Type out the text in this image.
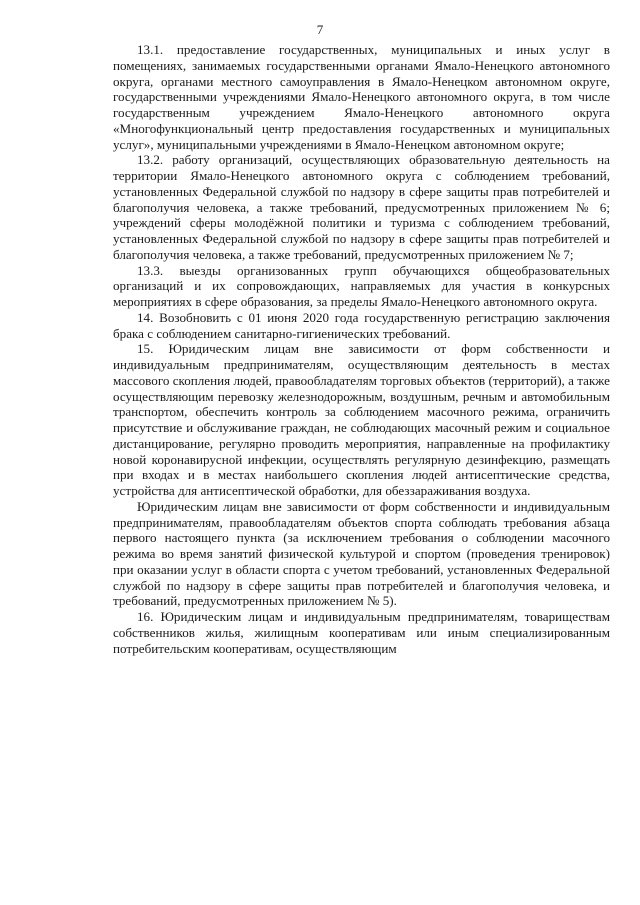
7

13.1. предоставление государственных, муниципальных и иных услуг в помещениях, занимаемых государственными органами Ямало-Ненецкого автономного округа, органами местного самоуправления в Ямало-Ненецком автономном округе, государственными учреждениями Ямало-Ненецкого автономного округа, в том числе государственным учреждением Ямало-Ненецкого автономного округа «Многофункциональный центр предоставления государственных и муниципальных услуг», муниципальными учреждениями в Ямало-Ненецком автономном округе;

13.2. работу организаций, осуществляющих образовательную деятельность на территории Ямало-Ненецкого автономного округа с соблюдением требований, установленных Федеральной службой по надзору в сфере защиты прав потребителей и благополучия человека, а также требований, предусмотренных приложением № 6; учреждений сферы молодёжной политики и туризма с соблюдением требований, установленных Федеральной службой по надзору в сфере защиты прав потребителей и благополучия человека, а также требований, предусмотренных приложением № 7;

13.3. выезды организованных групп обучающихся общеобразовательных организаций и их сопровождающих, направляемых для участия в конкурсных мероприятиях в сфере образования, за пределы Ямало-Ненецкого автономного округа.

14. Возобновить с 01 июня 2020 года государственную регистрацию заключения брака с соблюдением санитарно-гигиенических требований.

15. Юридическим лицам вне зависимости от форм собственности и индивидуальным предпринимателям, осуществляющим деятельность в местах массового скопления людей, правообладателям торговых объектов (территорий), а также осуществляющим перевозку железнодорожным, воздушным, речным и автомобильным транспортом, обеспечить контроль за соблюдением масочного режима, ограничить присутствие и обслуживание граждан, не соблюдающих масочный режим и социальное дистанцирование, регулярно проводить мероприятия, направленные на профилактику новой коронавирусной инфекции, осуществлять регулярную дезинфекцию, размещать при входах и в местах наибольшего скопления людей антисептические средства, устройства для антисептической обработки, для обеззараживания воздуха.

Юридическим лицам вне зависимости от форм собственности и индивидуальным предпринимателям, правообладателям объектов спорта соблюдать требования абзаца первого настоящего пункта (за исключением требования о соблюдении масочного режима во время занятий физической культурой и спортом (проведения тренировок) при оказании услуг в области спорта с учетом требований, установленных Федеральной службой по надзору в сфере защиты прав потребителей и благополучия человека, и требований, предусмотренных приложением № 5).

16. Юридическим лицам и индивидуальным предпринимателям, товариществам собственников жилья, жилищным кооперативам или иным специализированным потребительским кооперативам, осуществляющим
